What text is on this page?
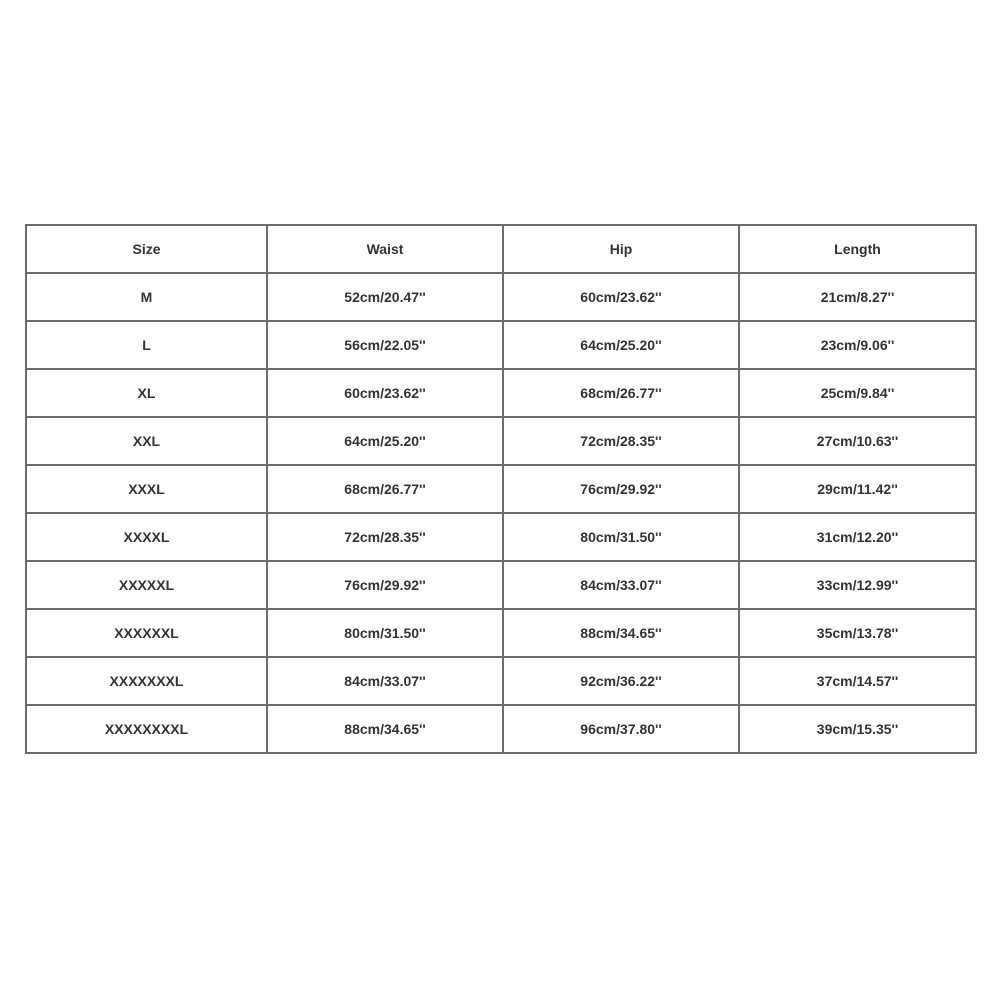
Size	Waist	Hip	Length
M	52cm/20.47''	60cm/23.62''	21cm/8.27''
L	56cm/22.05''	64cm/25.20''	23cm/9.06''
XL	60cm/23.62''	68cm/26.77''	25cm/9.84''
XXL	64cm/25.20''	72cm/28.35''	27cm/10.63''
XXXL	68cm/26.77''	76cm/29.92''	29cm/11.42''
XXXXL	72cm/28.35''	80cm/31.50''	31cm/12.20''
XXXXXL	76cm/29.92''	84cm/33.07''	33cm/12.99''
XXXXXXL	80cm/31.50''	88cm/34.65''	35cm/13.78''
XXXXXXXL	84cm/33.07''	92cm/36.22''	37cm/14.57''
XXXXXXXXL	88cm/34.65''	96cm/37.80''	39cm/15.35''
